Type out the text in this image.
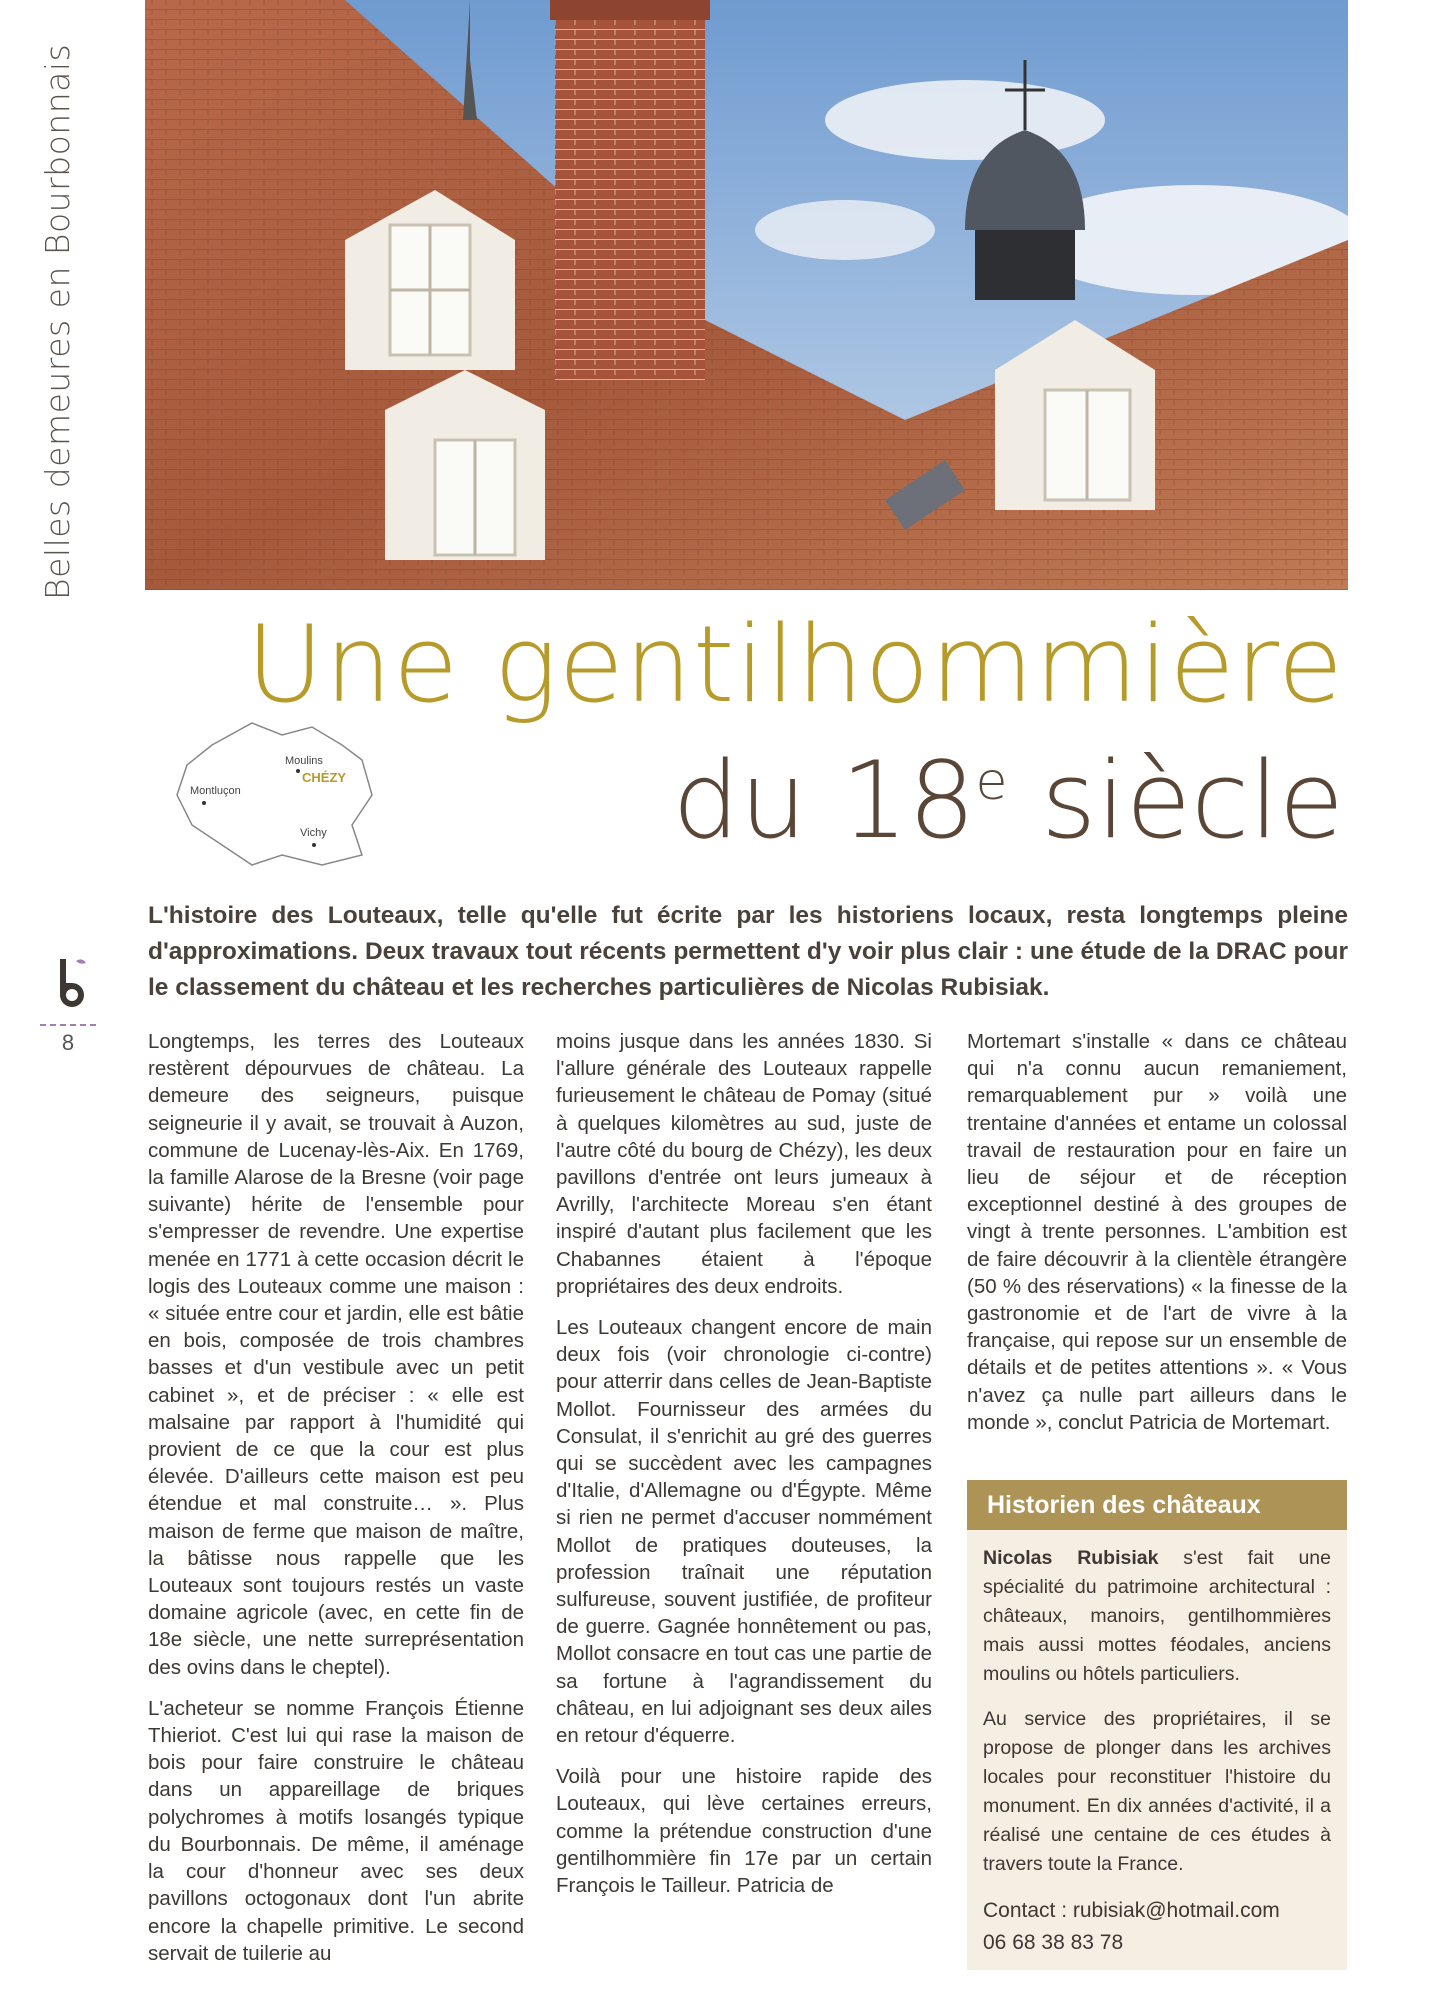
Belles demeures en Bourbonnais
8
Une gentilhommière
du 18e siècle
Moulins
CHÉZY
Montluçon
Vichy
L'histoire des Louteaux, telle qu'elle fut écrite par les historiens locaux, resta longtemps pleine d'approximations. Deux travaux tout récents permettent d'y voir plus clair : une étude de la DRAC pour le classement du château et les recherches particulières de Nicolas Rubisiak.

Longtemps, les terres des Louteaux restèrent dépourvues de château. La demeure des seigneurs, puisque seigneurie il y avait, se trouvait à Auzon, commune de Lucenay-lès-Aix. En 1769, la famille Alarose de la Bresne (voir page suivante) hérite de l'ensemble pour s'empresser de revendre. Une expertise menée en 1771 à cette occasion décrit le logis des Louteaux comme une maison : « située entre cour et jardin, elle est bâtie en bois, composée de trois chambres basses et d'un vestibule avec un petit cabinet », et de préciser : « elle est malsaine par rapport à l'humidité qui provient de ce que la cour est plus élevée. D'ailleurs cette maison est peu étendue et mal construite… ». Plus maison de ferme que maison de maître, la bâtisse nous rappelle que les Louteaux sont toujours restés un vaste domaine agricole (avec, en cette fin de 18e siècle, une nette surreprésentation des ovins dans le cheptel).

L'acheteur se nomme François Étienne Thieriot. C'est lui qui rase la maison de bois pour faire construire le château dans un appareillage de briques polychromes à motifs losangés typique du Bourbonnais. De même, il aménage la cour d'honneur avec ses deux pavillons octogonaux dont l'un abrite encore la chapelle primitive. Le second servait de tuilerie au

moins jusque dans les années 1830. Si l'allure générale des Louteaux rappelle furieusement le château de Pomay (situé à quelques kilomètres au sud, juste de l'autre côté du bourg de Chézy), les deux pavillons d'entrée ont leurs jumeaux à Avrilly, l'architecte Moreau s'en étant inspiré d'autant plus facilement que les Chabannes étaient à l'époque propriétaires des deux endroits.

Les Louteaux changent encore de main deux fois (voir chronologie ci-contre) pour atterrir dans celles de Jean-Baptiste Mollot. Fournisseur des armées du Consulat, il s'enrichit au gré des guerres qui se succèdent avec les campagnes d'Italie, d'Allemagne ou d'Égypte. Même si rien ne permet d'accuser nommément Mollot de pratiques douteuses, la profession traînait une réputation sulfureuse, souvent justifiée, de profiteur de guerre. Gagnée honnêtement ou pas, Mollot consacre en tout cas une partie de sa fortune à l'agrandissement du château, en lui adjoignant ses deux ailes en retour d'équerre.

Voilà pour une histoire rapide des Louteaux, qui lève certaines erreurs, comme la prétendue construction d'une gentilhommière fin 17e par un certain François le Tailleur. Patricia de

Mortemart s'installe « dans ce château qui n'a connu aucun remaniement, remarquablement pur » voilà une trentaine d'années et entame un colossal travail de restauration pour en faire un lieu de séjour et de réception exceptionnel destiné à des groupes de vingt à trente personnes. L'ambition est de faire découvrir à la clientèle étrangère (50 % des réservations) « la finesse de la gastronomie et de l'art de vivre à la française, qui repose sur un ensemble de détails et de petites attentions ». « Vous n'avez ça nulle part ailleurs dans le monde », conclut Patricia de Mortemart.

Historien des châteaux

Nicolas Rubisiak s'est fait une spécialité du patrimoine architectural : châteaux, manoirs, gentilhommières mais aussi mottes féodales, anciens moulins ou hôtels particuliers.

Au service des propriétaires, il se propose de plonger dans les archives locales pour reconstituer l'histoire du monument. En dix années d'activité, il a réalisé une centaine de ces études à travers toute la France.

Contact : rubisiak@hotmail.com

06 68 38 83 78
